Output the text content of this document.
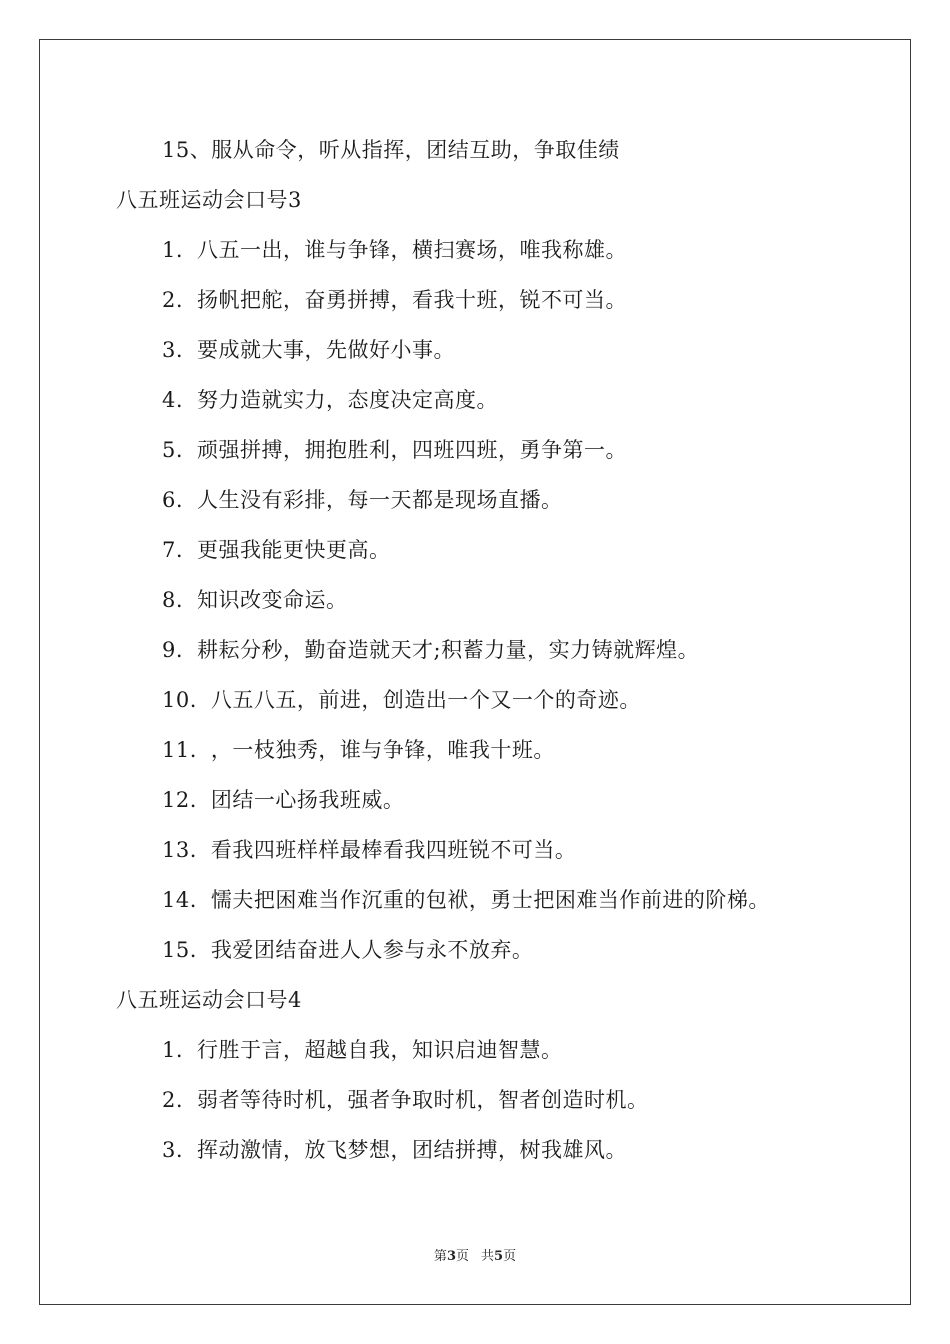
15、服从命令，听从指挥，团结互助，争取佳绩
八五班运动会口号3
1. 八五一出，谁与争锋，横扫赛场，唯我称雄。
2. 扬帆把舵，奋勇拼搏，看我十班，锐不可当。
3. 要成就大事，先做好小事。
4. 努力造就实力，态度决定高度。
5. 顽强拼搏，拥抱胜利，四班四班，勇争第一。
6. 人生没有彩排，每一天都是现场直播。
7. 更强我能更快更高。
8. 知识改变命运。
9. 耕耘分秒，勤奋造就天才;积蓄力量，实力铸就辉煌。
10. 八五八五，前进，创造出一个又一个的奇迹。
11. ，一枝独秀，谁与争锋，唯我十班。
12. 团结一心扬我班威。
13. 看我四班样样最棒看我四班锐不可当。
14. 懦夫把困难当作沉重的包袱，勇士把困难当作前进的阶梯。
15. 我爱团结奋进人人参与永不放弃。
八五班运动会口号4
1. 行胜于言，超越自我，知识启迪智慧。
2. 弱者等待时机，强者争取时机，智者创造时机。
3. 挥动激情，放飞梦想，团结拼搏，树我雄风。
第3页 共5页
